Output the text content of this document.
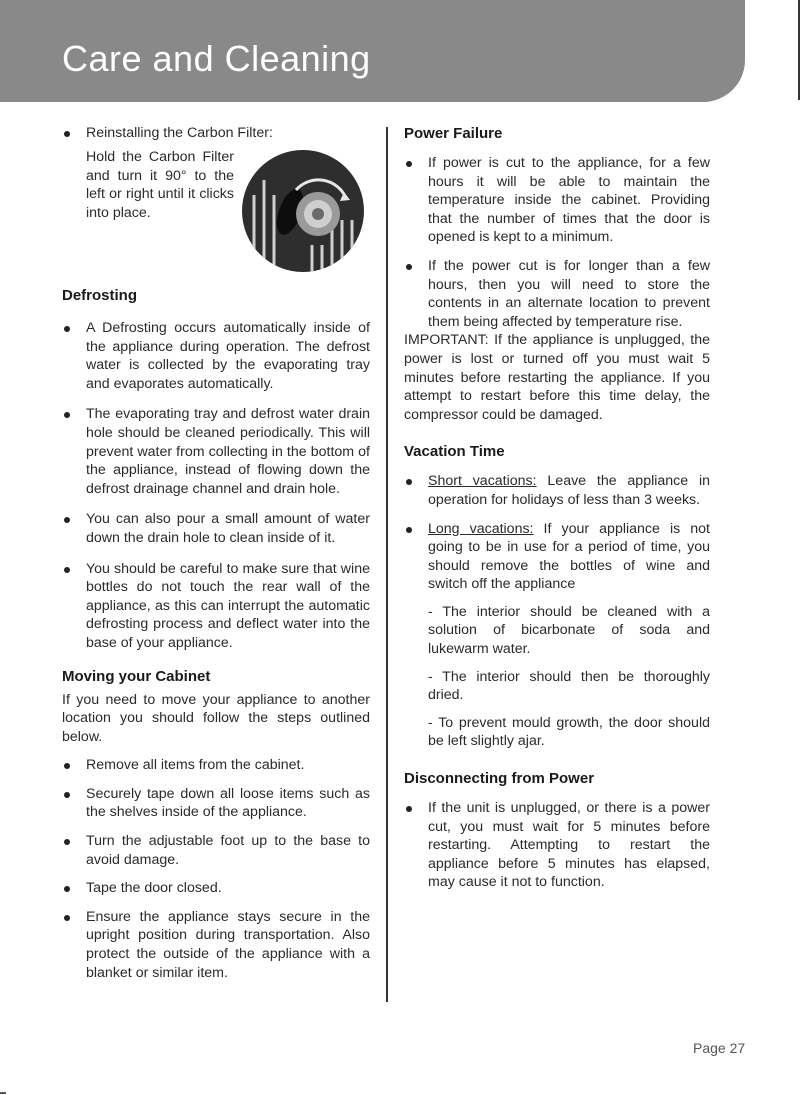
Care and Cleaning
Reinstalling the Carbon Filter:
Hold the Carbon Filter and turn it 90° to the left or right until it clicks into place.
Defrosting
A Defrosting occurs automatically inside of the appliance during operation. The defrost water is collected by the evaporating tray and evaporates automatically.
The evaporating tray and defrost water drain hole should be cleaned periodically. This will prevent water from collecting in the bottom of the appliance, instead of flowing down the defrost drainage channel and drain hole.
You can also pour a small amount of water down the drain hole to clean inside of it.
You should be careful to make sure that wine bottles do not touch the rear wall of the appliance, as this can interrupt the automatic defrosting process and deflect water into the base of your appliance.
Moving your Cabinet
If you need to move your appliance to another location you should follow the steps outlined below.
Remove all items from the cabinet.
Securely tape down all loose items such as the shelves inside of the appliance.
Turn the adjustable foot up to the base to avoid damage.
Tape the door closed.
Ensure the appliance stays secure in the upright position during transportation. Also protect the outside of the appliance with a blanket or similar item.
Power Failure
If power is cut to the appliance, for a few hours it will be able to maintain the temperature inside the cabinet. Providing that the number of times that the door is opened is kept to a minimum.
If the power cut is for longer than a few hours, then you will need to store the contents in an alternate location to prevent them being affected by temperature rise.
IMPORTANT: If the appliance is unplugged, the power is lost or turned off you must wait 5 minutes before restarting the appliance. If you attempt to restart before this time delay, the compressor could be damaged.
Vacation Time
Short vacations: Leave the appliance in operation for holidays of less than 3 weeks.
Long vacations: If your appliance is not going to be in use for a period of time, you should remove the bottles of wine and switch off the appliance
- The interior should be cleaned with a solution of bicarbonate of soda and lukewarm water.
- The interior should then be thoroughly dried.
- To prevent mould growth, the door should be left slightly ajar.
Disconnecting from Power
If the unit is unplugged, or there is a power cut, you must wait for 5 minutes before restarting. Attempting to restart the appliance before 5 minutes has elapsed, may cause it not to function.
Page 27
